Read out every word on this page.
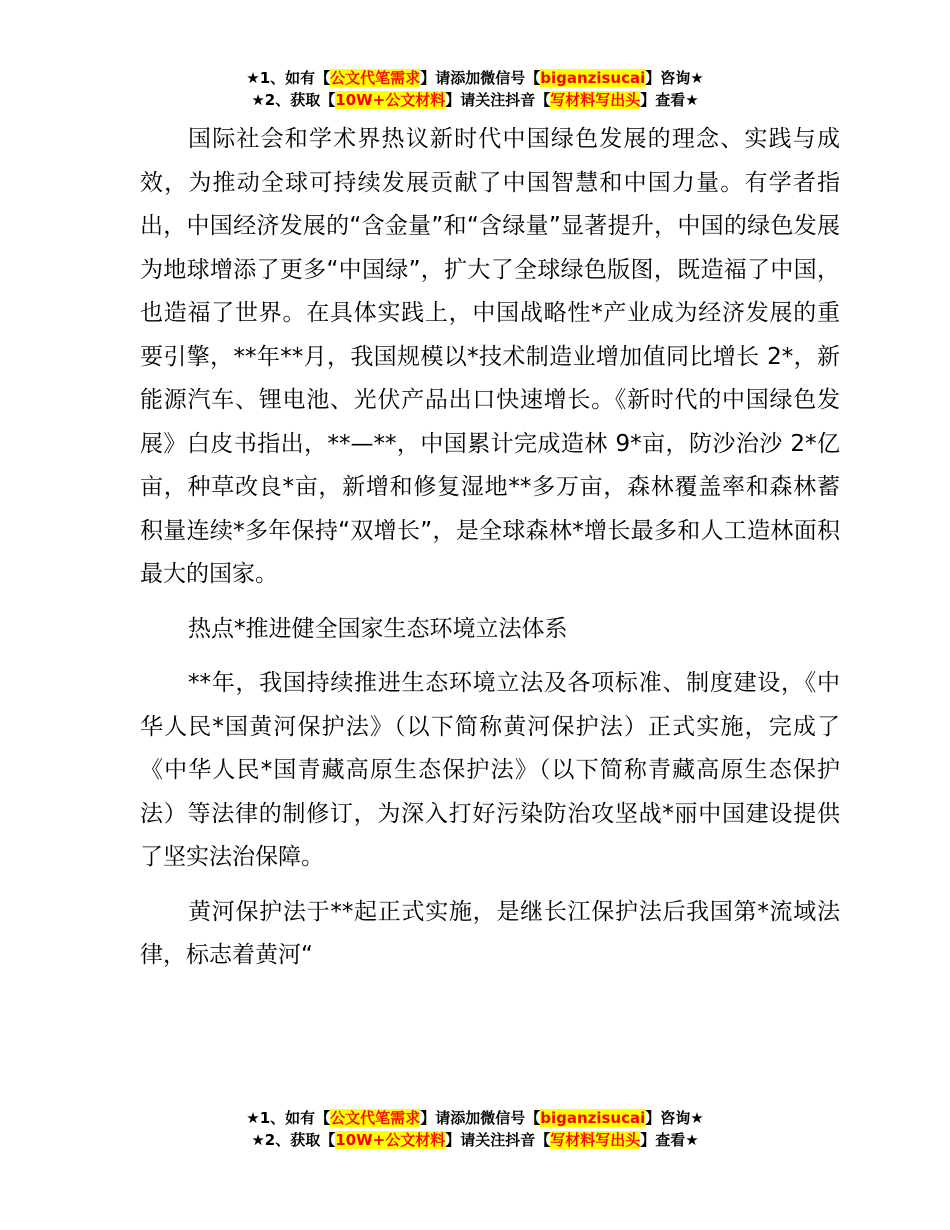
★1、如有【公文代笔需求】请添加微信号【biganzisucai】咨询★
★2、获取【10W+公文材料】请关注抖音【写材料写出头】查看★

国际社会和学术界热议新时代中国绿色发展的理念、实践与成效，为推动全球可持续发展贡献了中国智慧和中国力量。有学者指出，中国经济发展的“含金量”和“含绿量”显著提升，中国的绿色发展为地球增添了更多“中国绿”，扩大了全球绿色版图，既造福了中国，也造福了世界。在具体实践上，中国战略性*产业成为经济发展的重要引擎，**年**月，我国规模以*技术制造业增加值同比增长 2*，新能源汽车、锂电池、光伏产品出口快速增长。《新时代的中国绿色发展》白皮书指出，**—**，中国累计完成造林 9*亩，防沙治沙 2*亿亩，种草改良*亩，新增和修复湿地**多万亩，森林覆盖率和森林蓄积量连续*多年保持“双增长”，是全球森林*增长最多和人工造林面积最大的国家。

热点*推进健全国家生态环境立法体系

**年，我国持续推进生态环境立法及各项标准、制度建设，《中华人民*国黄河保护法》（以下简称黄河保护法）正式实施，完成了《中华人民*国青藏高原生态保护法》（以下简称青藏高原生态保护法）等法律的制修订，为深入打好污染防治攻坚战*丽中国建设提供了坚实法治保障。

黄河保护法于**起正式实施，是继长江保护法后我国第*流域法律，标志着黄河“

★1、如有【公文代笔需求】请添加微信号【biganzisucai】咨询★
★2、获取【10W+公文材料】请关注抖音【写材料写出头】查看★
